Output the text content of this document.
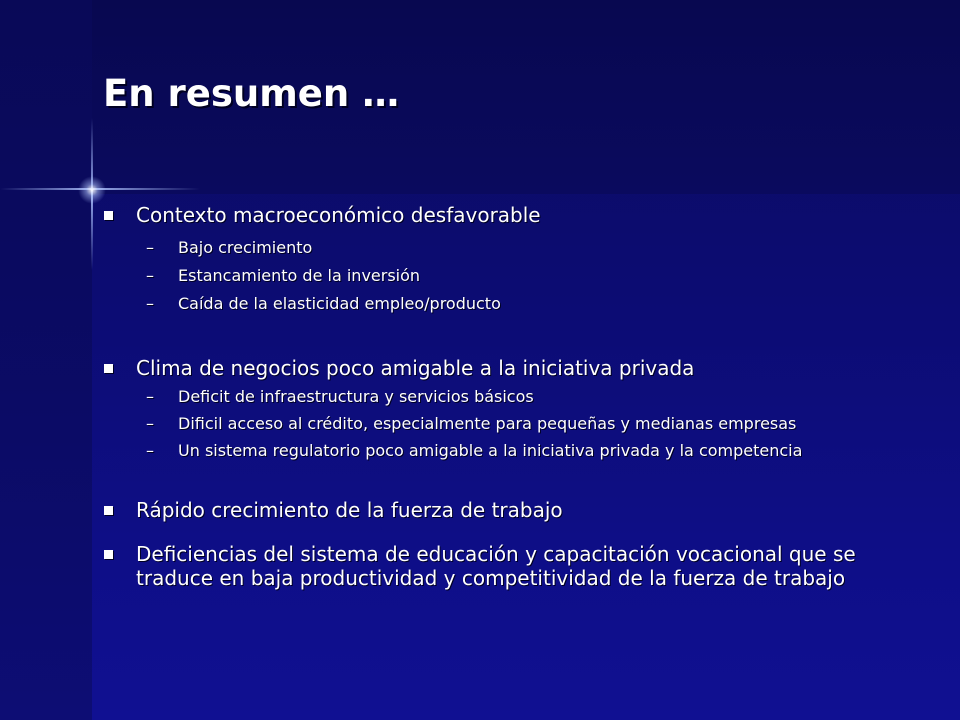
En resumen …
Contexto macroeconómico desfavorable
– Bajo crecimiento
– Estancamiento de la inversión
– Caída de la elasticidad empleo/producto
Clima de negocios poco amigable a la iniciativa privada
– Deficit de infraestructura y servicios básicos
– Dificil acceso al crédito, especialmente para pequeñas y medianas empresas
– Un sistema regulatorio poco amigable a la iniciativa privada y la competencia
Rápido crecimiento de la fuerza de trabajo
Deficiencias del sistema de educación y capacitación vocacional que se traduce en baja productividad y competitividad de la fuerza de trabajo
